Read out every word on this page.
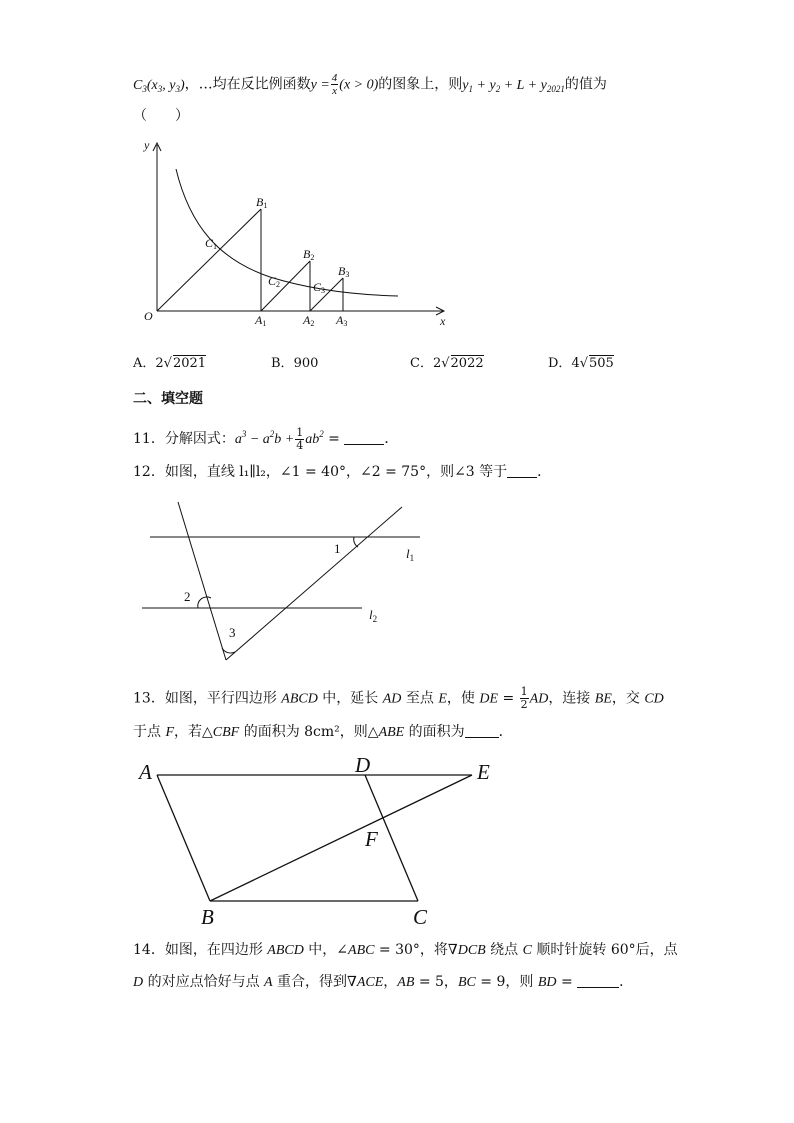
$C_3(x_3$, $y_3$)，…均在反比例函数$y = \frac{4}{x} (x > 0)$的图象上，则$y_1 + y_2 + L + y_{2021}$的值为
（　　）
y
x
O
B1
B2
B3
C1
C2	C3
A1	A2 A3
A．2√2021	B．900	C．2√2022	D．4√505
二、填空题
11．分解因式：$a^3 - a^2b + \frac{1}{4} ab^2$ =	．
12．如图，直线 l₁∥l₂，∠1 = 40°，∠2 = 75°，则∠3 等于 ．
1
2
3
$l_1$
$l_2$
13．如图，平行四边形 ABCD 中，延长 AD 至点 E，使 DE = $\frac{1}{2}$ AD，连接 BE，交 CD
于点 F，若△CBF 的面积为 8cm²，则△ABE 的面积为 ．
A	D	E
F
B	C
14．如图，在四边形 ABCD 中，∠ABC = 30°，将∇DCB 绕点 C 顺时针旋转 60°后，点
D 的对应点恰好与点 A 重合，得到∇ACE，AB = 5，BC = 9，则 BD =	．
